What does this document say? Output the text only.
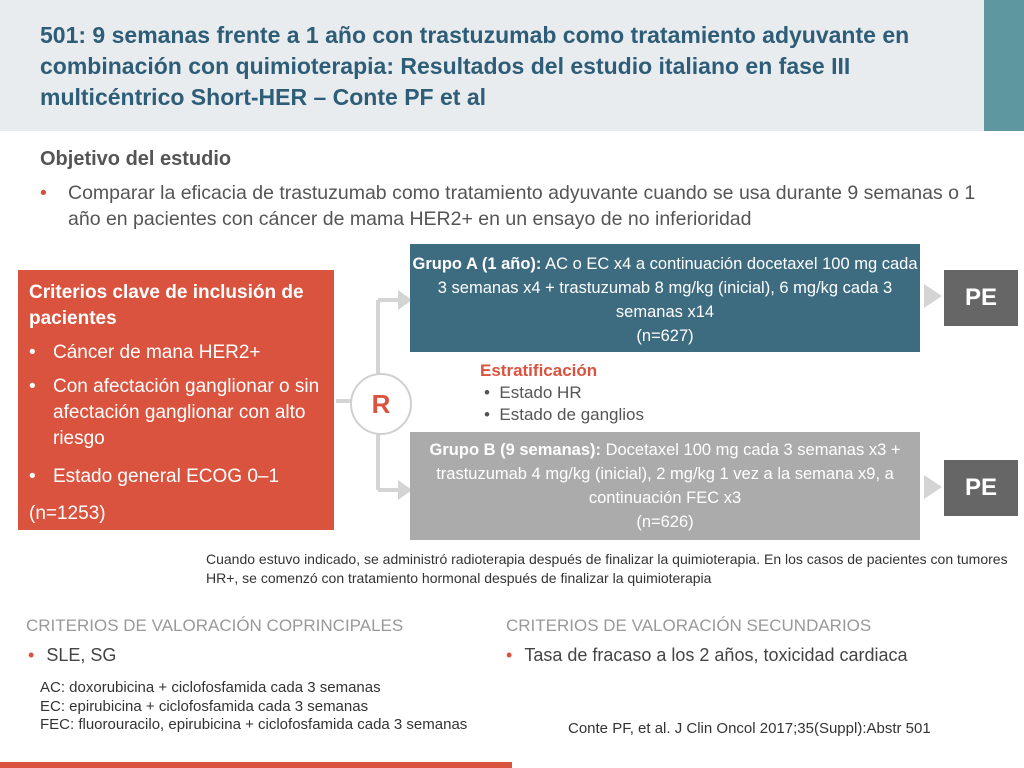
501: 9 semanas frente a 1 año con trastuzumab como tratamiento adyuvante en combinación con quimioterapia: Resultados del estudio italiano en fase III multicéntrico Short-HER – Conte PF et al
Objetivo del estudio
•	Comparar la eficacia de trastuzumab como tratamiento adyuvante cuando se usa durante 9 semanas o 1 año en pacientes con cáncer de mama HER2+ en un ensayo de no inferioridad
Criterios clave de inclusión de pacientes
• Cáncer de mana HER2+
• Con afectación ganglionar o sin afectación ganglionar con alto riesgo
• Estado general ECOG 0–1
(n=1253)
R
Grupo A (1 año): AC o EC x4 a continuación docetaxel 100 mg cada 3 semanas x4 + trastuzumab 8 mg/kg (inicial), 6 mg/kg cada 3 semanas x14
(n=627)
Grupo B (9 semanas): Docetaxel 100 mg cada 3 semanas x3 + trastuzumab 4 mg/kg (inicial), 2 mg/kg 1 vez a la semana x9, a continuación FEC x3
(n=626)
PE
PE
Estratificación
•  Estado HR
•  Estado de ganglios
Cuando estuvo indicado, se administró radioterapia después de finalizar la quimioterapia. En los casos de pacientes con tumores HR+, se comenzó con tratamiento hormonal después de finalizar la quimioterapia
CRITERIOS DE VALORACIÓN COPRINCIPALES
• SLE, SG
CRITERIOS DE VALORACIÓN SECUNDARIOS
• Tasa de fracaso a los 2 años, toxicidad cardiaca
AC: doxorubicina + ciclofosfamida cada 3 semanas
EC: epirubicina + ciclofosfamida cada 3 semanas
FEC: fluorouracilo, epirubicina + ciclofosfamida cada 3 semanas	Conte PF, et al. J Clin Oncol 2017;35(Suppl):Abstr 501
